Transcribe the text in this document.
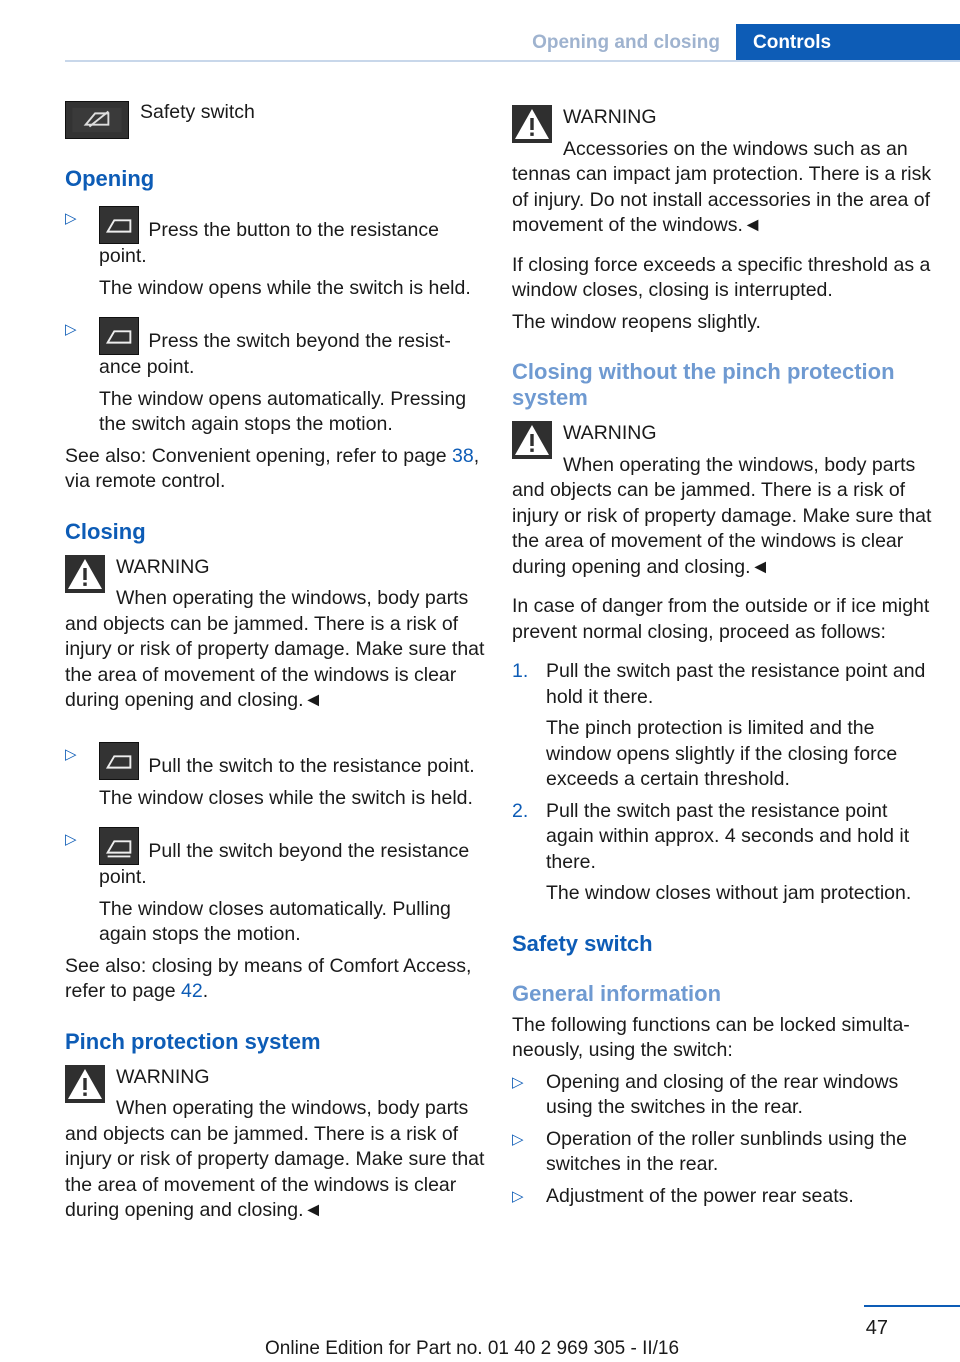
Opening and closing	Controls
Safety switch
Opening
▷
Press the button to the resistance point.

The window opens while the switch is held.

▷
Press the switch beyond the resistance point.

The window opens automatically. Pressing the switch again stops the motion.

See also: Convenient opening, refer to page 38, via remote control.

Closing

WARNING

When operating the windows, body parts

and objects can be jammed. There is a risk of injury or risk of property damage. Make sure that the area of movement of the windows is clear during opening and closing.◄

▷
Pull the switch to the resistance point.

The window closes while the switch is held.

▷
Pull the switch beyond the resistance point.

The window closes automatically. Pulling again stops the motion.

See also: closing by means of Comfort Access, refer to page 42.

Pinch protection system

WARNING

When operating the windows, body parts

and objects can be jammed. There is a risk of injury or risk of property damage. Make sure that the area of movement of the windows is clear during opening and closing.◄

WARNING

Accessories on the windows such as an

tennas can impact jam protection. There is a risk of injury. Do not install accessories in the area of movement of the windows.◄

If closing force exceeds a specific threshold as a window closes, closing is interrupted.

The window reopens slightly.

Closing without the pinch protection system

WARNING

When operating the windows, body parts

and objects can be jammed. There is a risk of injury or risk of property damage. Make sure that the area of movement of the windows is clear during opening and closing.◄

In case of danger from the outside or if ice might prevent normal closing, proceed as follows:

1. Pull the switch past the resistance point and hold it there.

The pinch protection is limited and the window opens slightly if the closing force exceeds a certain threshold.

2. Pull the switch past the resistance point again within approx. 4 seconds and hold it there.

The window closes without jam protection.

Safety switch
General information

The following functions can be locked simultaneously, using the switch:

▷ Opening and closing of the rear windows using the switches in the rear.

▷ Operation of the roller sunblinds using the switches in the rear.

▷ Adjustment of the power rear seats.

47
Online Edition for Part no. 01 40 2 969 305 - II/16
